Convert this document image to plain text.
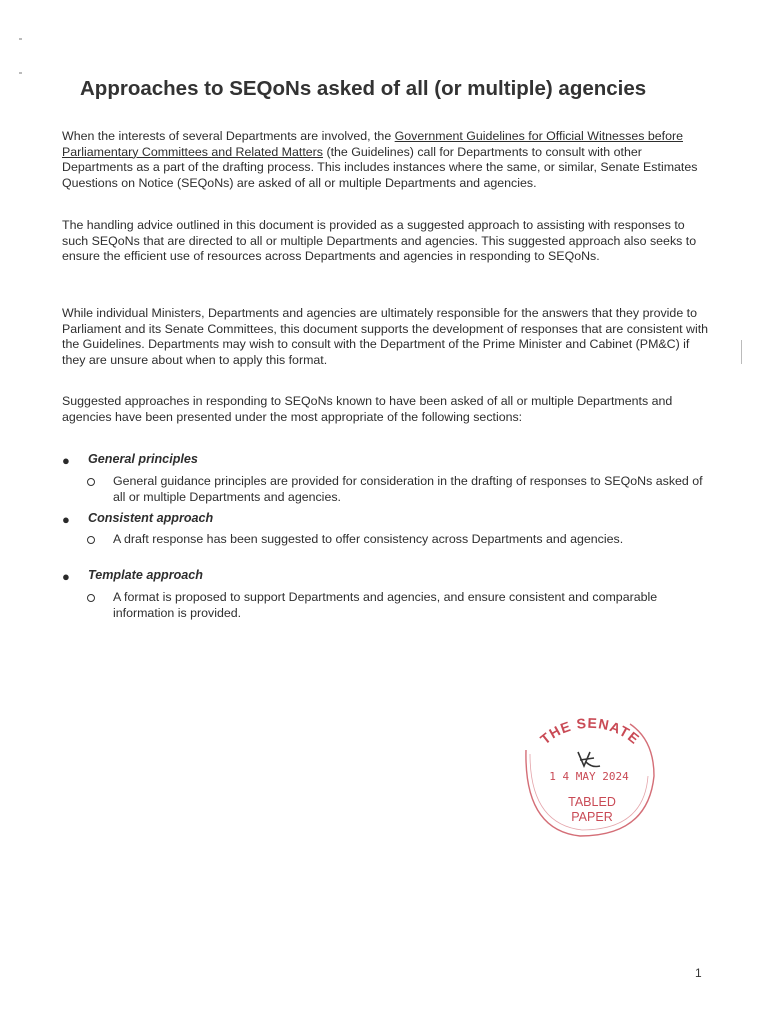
Approaches to SEQoNs asked of all (or multiple) agencies

When the interests of several Departments are involved, the Government Guidelines for Official Witnesses before Parliamentary Committees and Related Matters (the Guidelines) call for Departments to consult with other Departments as a part of the drafting process. This includes instances where the same, or similar, Senate Estimates Questions on Notice (SEQoNs) are asked of all or multiple Departments and agencies.

The handling advice outlined in this document is provided as a suggested approach to assisting with responses to such SEQoNs that are directed to all or multiple Departments and agencies. This suggested approach also seeks to ensure the efficient use of resources across Departments and agencies in responding to SEQoNs.

While individual Ministers, Departments and agencies are ultimately responsible for the answers that they provide to Parliament and its Senate Committees, this document supports the development of responses that are consistent with the Guidelines. Departments may wish to consult with the Department of the Prime Minister and Cabinet (PM&C) if they are unsure about when to apply this format.

Suggested approaches in responding to SEQoNs known to have been asked of all or multiple Departments and agencies have been presented under the most appropriate of the following sections:

● General principles

General guidance principles are provided for consideration in the drafting of responses to SEQoNs asked of all or multiple Departments and agencies.

● Consistent approach

A draft response has been suggested to offer consistency across Departments and agencies.

● Template approach

A format is proposed to support Departments and agencies, and ensure consistent and comparable information is provided.

THE SENATE
1 4 MAY 2024
TABLED
PAPER
1
